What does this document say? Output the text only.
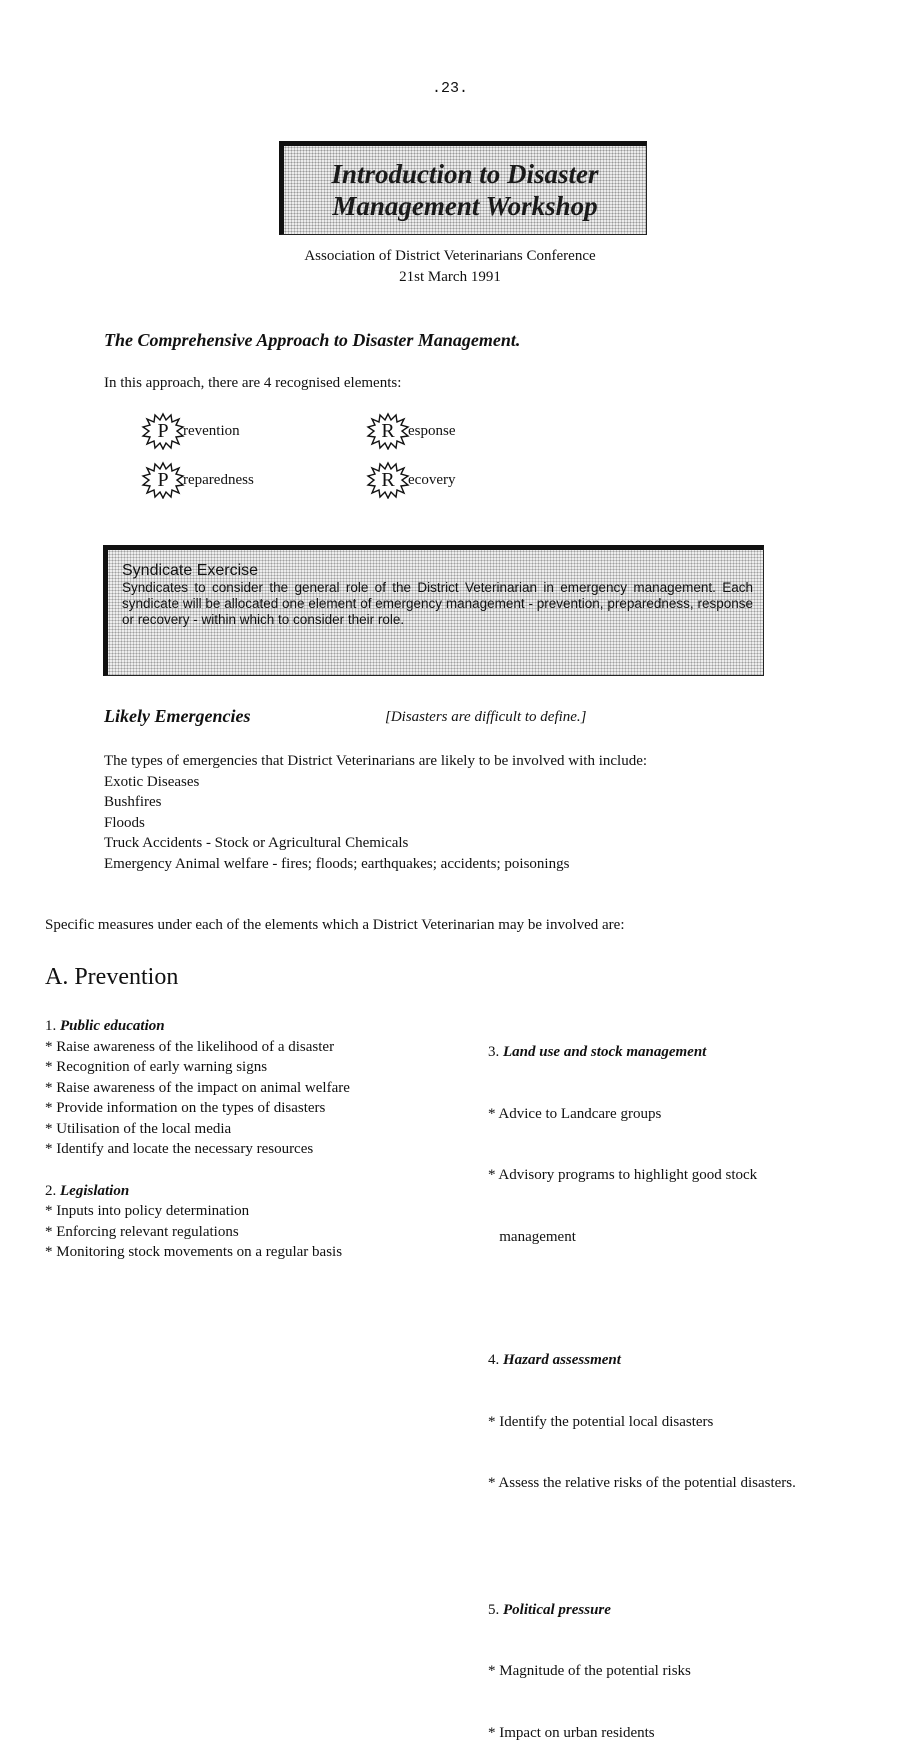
.23.
Introduction to Disaster
Management Workshop
Association of District Veterinarians Conference
21st March 1991
The Comprehensive Approach to Disaster Management.
In this approach, there are 4 recognised elements:
P revention	R esponse
P reparedness	R ecovery
Syndicate Exercise
Syndicates to consider the general role of the District Veterinarian in emergency management. Each syndicate will be allocated one element of emergency management - prevention, preparedness, response or recovery - within which to consider their role.
Likely Emergencies	[Disasters are difficult to define.]
The types of emergencies that District Veterinarians are likely to be involved with include:
Exotic Diseases
Bushfires
Floods
Truck Accidents - Stock or Agricultural Chemicals
Emergency Animal welfare - fires; floods; earthquakes; accidents; poisonings
Specific measures under each of the elements which a District Veterinarian may be involved are:
A. Prevention
1. Public education
* Raise awareness of the likelihood of a disaster
* Recognition of early warning signs
* Raise awareness of the impact on animal welfare
* Provide information on the types of disasters
* Utilisation of the local media
* Identify and locate the necessary resources
2. Legislation
* Inputs into policy determination
* Enforcing relevant regulations
* Monitoring stock movements on a regular basis

3. Land use and stock management

* Advice to Landcare groups

* Advisory programs to highlight good stock

management

4. Hazard assessment

* Identify the potential local disasters

* Assess the relative risks of the potential disasters.

5. Political pressure

* Magnitude of the potential risks

* Impact on urban residents
